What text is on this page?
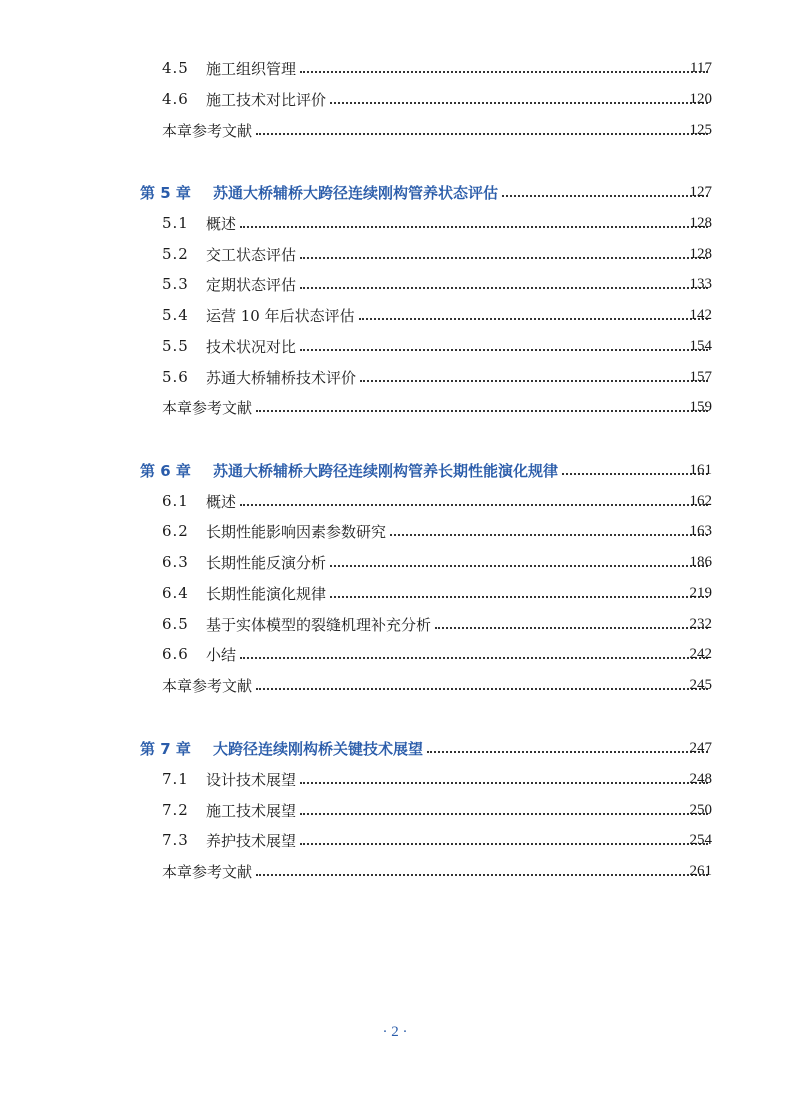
4.5	施工组织管理	117
4.6	施工技术对比评价	120
本章参考文献	125
第 5 章 苏通大桥辅桥大跨径连续刚构管养状态评估	127
5.1	概述	128
5.2	交工状态评估	128
5.3	定期状态评估	133
5.4	运营 10 年后状态评估	142
5.5	技术状况对比	154
5.6	苏通大桥辅桥技术评价	157
本章参考文献	159
第 6 章 苏通大桥辅桥大跨径连续刚构管养长期性能演化规律	161
6.1	概述	162
6.2	长期性能影响因素参数研究	163
6.3	长期性能反演分析	186
6.4	长期性能演化规律	219
6.5	基于实体模型的裂缝机理补充分析	232
6.6	小结	242
本章参考文献	245
第 7 章 大跨径连续刚构桥关键技术展望	247
7.1	设计技术展望	248
7.2	施工技术展望	250
7.3	养护技术展望	254
本章参考文献	261
· 2 ·
